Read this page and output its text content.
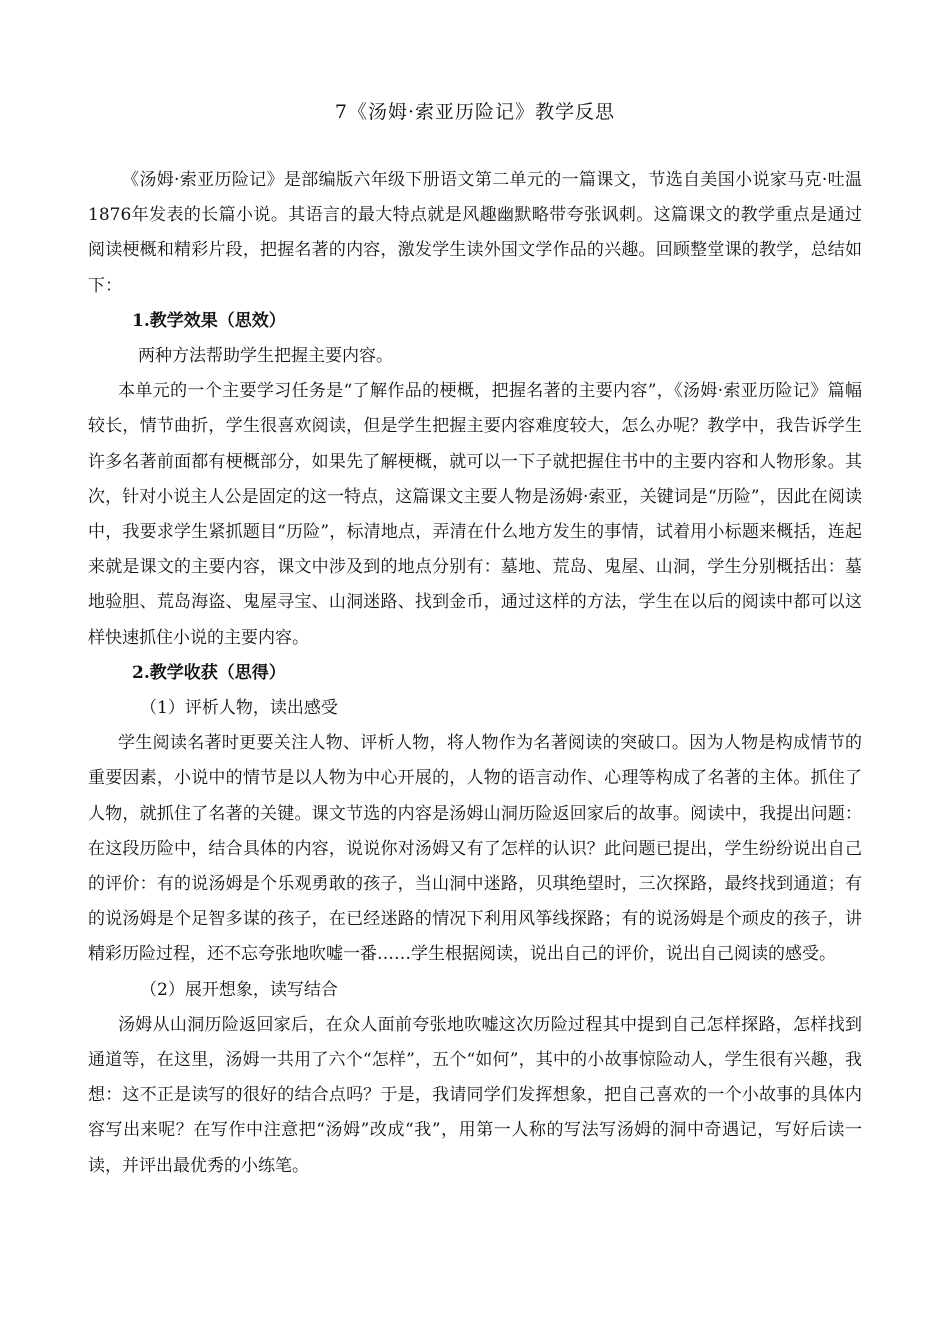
7《汤姆·索亚历险记》教学反思

《汤姆·索亚历险记》是部编版六年级下册语文第二单元的一篇课文，节选自美国小说家马克·吐温1876年发表的长篇小说。其语言的最大特点就是风趣幽默略带夸张讽刺。这篇课文的教学重点是通过阅读梗概和精彩片段，把握名著的内容，激发学生读外国文学作品的兴趣。回顾整堂课的教学，总结如下：

1.教学效果（思效）

两种方法帮助学生把握主要内容。

本单元的一个主要学习任务是“了解作品的梗概，把握名著的主要内容”，《汤姆·索亚历险记》篇幅较长，情节曲折，学生很喜欢阅读，但是学生把握主要内容难度较大，怎么办呢？教学中，我告诉学生许多名著前面都有梗概部分，如果先了解梗概，就可以一下子就把握住书中的主要内容和人物形象。其次，针对小说主人公是固定的这一特点，这篇课文主要人物是汤姆·索亚，关键词是“历险”，因此在阅读中，我要求学生紧抓题目“历险”，标清地点，弄清在什么地方发生的事情，试着用小标题来概括，连起来就是课文的主要内容，课文中涉及到的地点分别有：墓地、荒岛、鬼屋、山洞，学生分别概括出：墓地验胆、荒岛海盗、鬼屋寻宝、山洞迷路、找到金币，通过这样的方法，学生在以后的阅读中都可以这样快速抓住小说的主要内容。

2.教学收获（思得）

（1）评析人物，读出感受

学生阅读名著时更要关注人物、评析人物，将人物作为名著阅读的突破口。因为人物是构成情节的重要因素，小说中的情节是以人物为中心开展的，人物的语言动作、心理等构成了名著的主体。抓住了人物，就抓住了名著的关键。课文节选的内容是汤姆山洞历险返回家后的故事。阅读中，我提出问题：在这段历险中，结合具体的内容，说说你对汤姆又有了怎样的认识？此问题已提出，学生纷纷说出自己的评价：有的说汤姆是个乐观勇敢的孩子，当山洞中迷路，贝琪绝望时，三次探路，最终找到通道；有的说汤姆是个足智多谋的孩子，在已经迷路的情况下利用风筝线探路；有的说汤姆是个顽皮的孩子，讲精彩历险过程，还不忘夸张地吹嘘一番……学生根据阅读，说出自己的评价，说出自己阅读的感受。

（2）展开想象，读写结合

汤姆从山洞历险返回家后，在众人面前夸张地吹嘘这次历险过程其中提到自己怎样探路，怎样找到通道等，在这里，汤姆一共用了六个“怎样”，五个“如何”，其中的小故事惊险动人，学生很有兴趣，我想：这不正是读写的很好的结合点吗？于是，我请同学们发挥想象，把自己喜欢的一个小故事的具体内容写出来呢？在写作中注意把“汤姆”改成“我”，用第一人称的写法写汤姆的洞中奇遇记，写好后读一读，并评出最优秀的小练笔。
